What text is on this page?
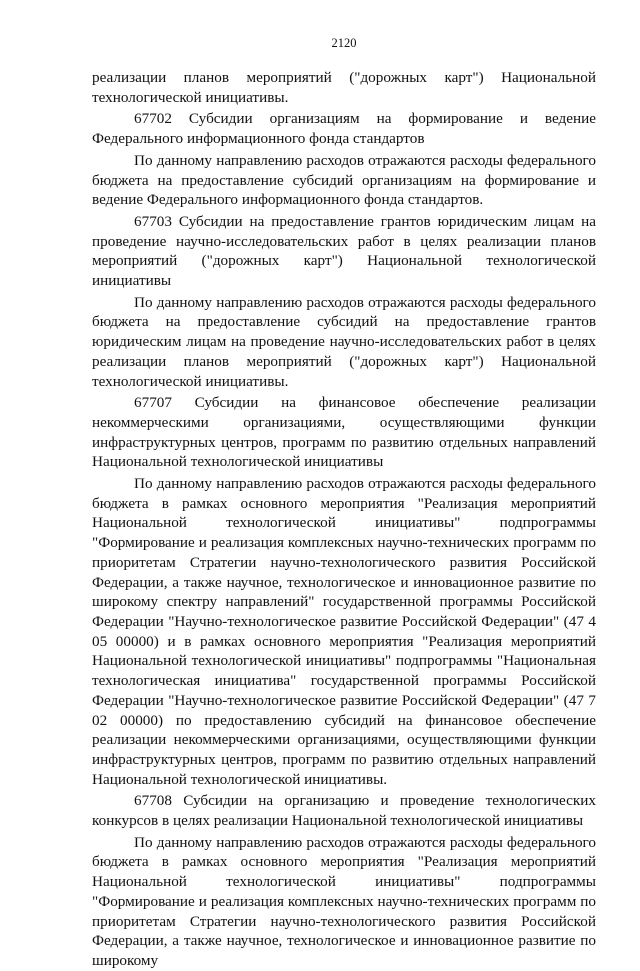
2120

реализации планов мероприятий ("дорожных карт") Национальной технологической инициативы.

67702 Субсидии организациям на формирование и ведение Федерального информационного фонда стандартов

По данному направлению расходов отражаются расходы федерального бюджета на предоставление субсидий организациям на формирование и ведение Федерального информационного фонда стандартов.

67703 Субсидии на предоставление грантов юридическим лицам на проведение научно-исследовательских работ в целях реализации планов мероприятий ("дорожных карт") Национальной технологической инициативы

По данному направлению расходов отражаются расходы федерального бюджета на предоставление субсидий на предоставление грантов юридическим лицам на проведение научно-исследовательских работ в целях реализации планов мероприятий ("дорожных карт") Национальной технологической инициативы.

67707 Субсидии на финансовое обеспечение реализации некоммерческими организациями, осуществляющими функции инфраструктурных центров, программ по развитию отдельных направлений Национальной технологической инициативы

По данному направлению расходов отражаются расходы федерального бюджета в рамках основного мероприятия "Реализация мероприятий Национальной технологической инициативы" подпрограммы "Формирование и реализация комплексных научно-технических программ по приоритетам Стратегии научно-технологического развития Российской Федерации, а также научное, технологическое и инновационное развитие по широкому спектру направлений" государственной программы Российской Федерации "Научно-технологическое развитие Российской Федерации" (47 4 05 00000) и в рамках основного мероприятия "Реализация мероприятий Национальной технологической инициативы" подпрограммы "Национальная технологическая инициатива" государственной программы Российской Федерации "Научно-технологическое развитие Российской Федерации" (47 7 02 00000) по предоставлению субсидий на финансовое обеспечение реализации некоммерческими организациями, осуществляющими функции инфраструктурных центров, программ по развитию отдельных направлений Национальной технологической инициативы.

67708 Субсидии на организацию и проведение технологических конкурсов в целях реализации Национальной технологической инициативы

По данному направлению расходов отражаются расходы федерального бюджета в рамках основного мероприятия "Реализация мероприятий Национальной технологической инициативы" подпрограммы "Формирование и реализация комплексных научно-технических программ по приоритетам Стратегии научно-технологического развития Российской Федерации, а также научное, технологическое и инновационное развитие по широкому
